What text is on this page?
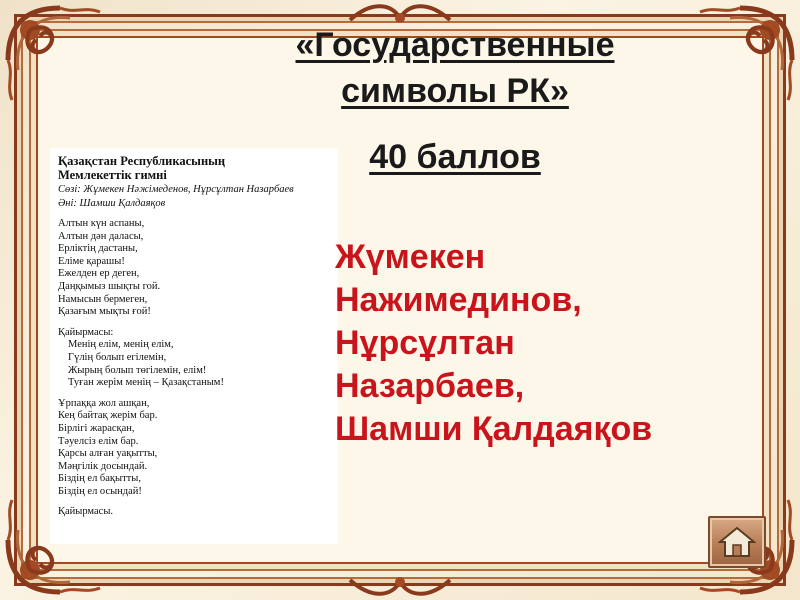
«Государственные
символы РК»
40 баллов
Қазақстан Республикасының
Мемлекеттік гимні
Сөзі: Жұмекен Нәжімеденов, Нұрсұлтан Назарбаев
Әні: Шамши Қалдаяқов
Алтын күн аспаны,
Алтын дән даласы,
Ерліктің дастаны,
Еліме қарашы!
Ежелден ер деген,
Даңқымыз шықты гой.
Намысын бермеген,
Қазағым мықты ғой!
Қайырмасы:
Менің елім, менің елім,
Гүлің болып егілемін,
Жырың болып төгілемін, елім!
Туған жерім менің – Қазақстаным!
Ұрпаққа жол ашқан,
Кең байтақ жерім бар.
Бірлігі жарасқан,
Тәуелсіз елім бар.
Қарсы алған уақытты,
Мәңгілік досындай.
Біздің ел бақытты,
Біздің ел осындай!
Қайырмасы.
Жүмекен
Нажимединов,
Нұрсұлтан
Назарбаев,
Шамши Қалдаяқов
